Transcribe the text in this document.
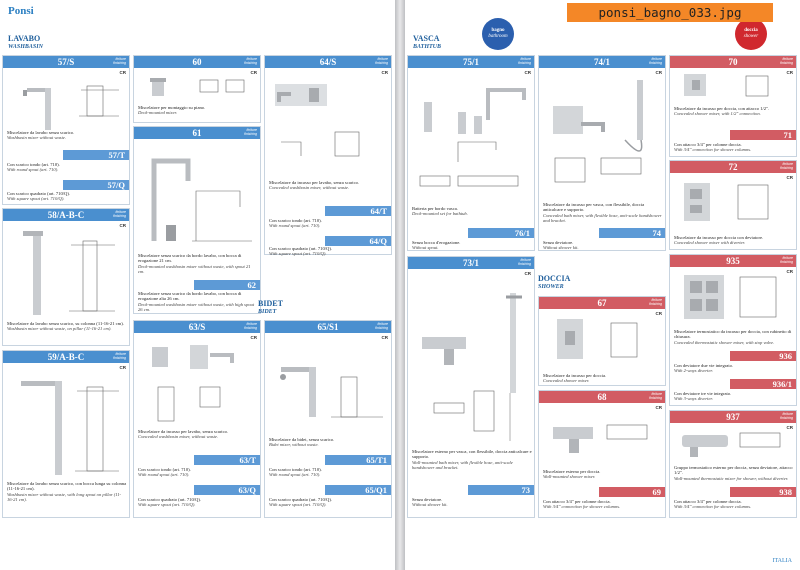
Ponsi
LAVABO
WASHBASIN
57/S	finiture
finishing
CR
Miscelatore da lavabo senza scarico.
Washbasin mixer without waste.
57/T
Con scarico tondo (art. 710).
With round spout (art. 710).
57/Q
Con scarico quadrato (art. 710/Q).
With square spout (art. 710/Q).
58/A-B-C	finiture
finishing
CR
Miscelatore da lavabo senza scarico, su colonna (11-16-21 cm).
Washbasin mixer without waste, on pillar (11-16-21 cm).
59/A-B-C	finiture
finishing
CR
Miscelatore da lavabo senza scarico, con bocca lunga su colonna (11-16-21 cm).
Washbasin mixer without waste, with long spout on pillar (11-16-21 cm).
60	finiture
finishing
CR
Miscelatore per montaggio su piano.
Deck-mounted mixer.
61	finiture
finishing
Miscelatore senza scarico da bordo lavabo, con bocca di erogazione 21 cm.
Deck-mounted washbasin mixer without waste, with spout 21 cm.
62
Miscelatore senza scarico da bordo lavabo, con bocca di erogazione alta 26 cm.
Deck-mounted washbasin mixer without waste, with high spout 26 cm.
63/S	finiture
finishing
CR
Miscelatore da incasso per lavabo, senza scarico.
Concealed washbasin mixer, without waste.
63/T
Con scarico tondo (art. 710).
With round spout (art. 710).
63/Q
Con scarico quadrato (art. 710/Q).
With square spout (art. 710/Q).
64/S	finiture
finishing
CR
Miscelatore da incasso per lavabo, senza scarico.
Concealed washbasin mixer, without waste.
64/T
Con scarico tondo (art. 710).
With round spout (art. 710).
64/Q
Con scarico quadrato (art. 710/Q).
With square spout (art. 710/Q).
BIDET
BIDET
65/S1	finiture
finishing
CR
Miscelatore da bidet, senza scarico.
Bidet mixer, without waste.
65/T1
Con scarico tondo (art. 710).
With round spout (art. 710).
65/Q1
Con scarico quadrato (art. 710/Q).
With square spout (art. 710/Q).
VASCA
BATHTUB
bagno
bathroom
doccia
shower
75/1	finiture
finishing
CR
Batteria per bordo vasca.
Deck-mounted set for bathtub.
76/1
Senza bocca d'erogazione.
Without spout.
73/1	finiture
finishing
CR
Miscelatore esterno per vasca, con flessibile, doccia anticalcare e supporto.
Wall-mounted bath mixer, with flexible hose, anti-scale handshower and bracket.
73
Senza deviatore.
Without shower kit.
74/1	finiture
finishing
CR
Miscelatore da incasso per vasca, con flessibile, doccia anticalcare e supporto.
Concealed bath mixer, with flexible hose, anti-scale handshower and bracket.
74
Senza deviatore.
Without shower kit.
DOCCIA
SHOWER
67	finiture
finishing
CR
Miscelatore da incasso per doccia.
Concealed shower mixer.
68	finiture
finishing
CR
Miscelatore esterno per doccia.
Wall-mounted shower mixer.
69
Con attacco 3/4" per colonne doccia.
With 3/4" connection for shower columns.
70	finiture
finishing
CR
Miscelatore da incasso per doccia, con attacco 1/2".
Concealed shower mixer, with 1/2" connection.
71
Con attacco 3/4" per colonne doccia.
With 3/4" connection for shower columns.
72	finiture
finishing
CR
Miscelatore da incasso per doccia con deviatore.
Concealed shower mixer with diverter.
935	finiture
finishing
CR
Miscelatore termostatico da incasso per doccia, con rubinetto di chiusura.
Concealed thermostatic shower mixer, with stop valve.
936
Con deviatore due vie integrato.
With 2-ways diverter.
936/1
Con deviatore tre vie integrato.
With 3-ways diverter.
937	finiture
finishing
CR
Gruppo termostatico esterno per doccia, senza deviatore, attacco 1/2".
Wall-mounted thermostatic mixer for shower, without diverter.
938
Con attacco 3/4" per colonne doccia.
With 3/4" connection for shower columns.
ITALIA
ponsi_bagno_033.jpg
